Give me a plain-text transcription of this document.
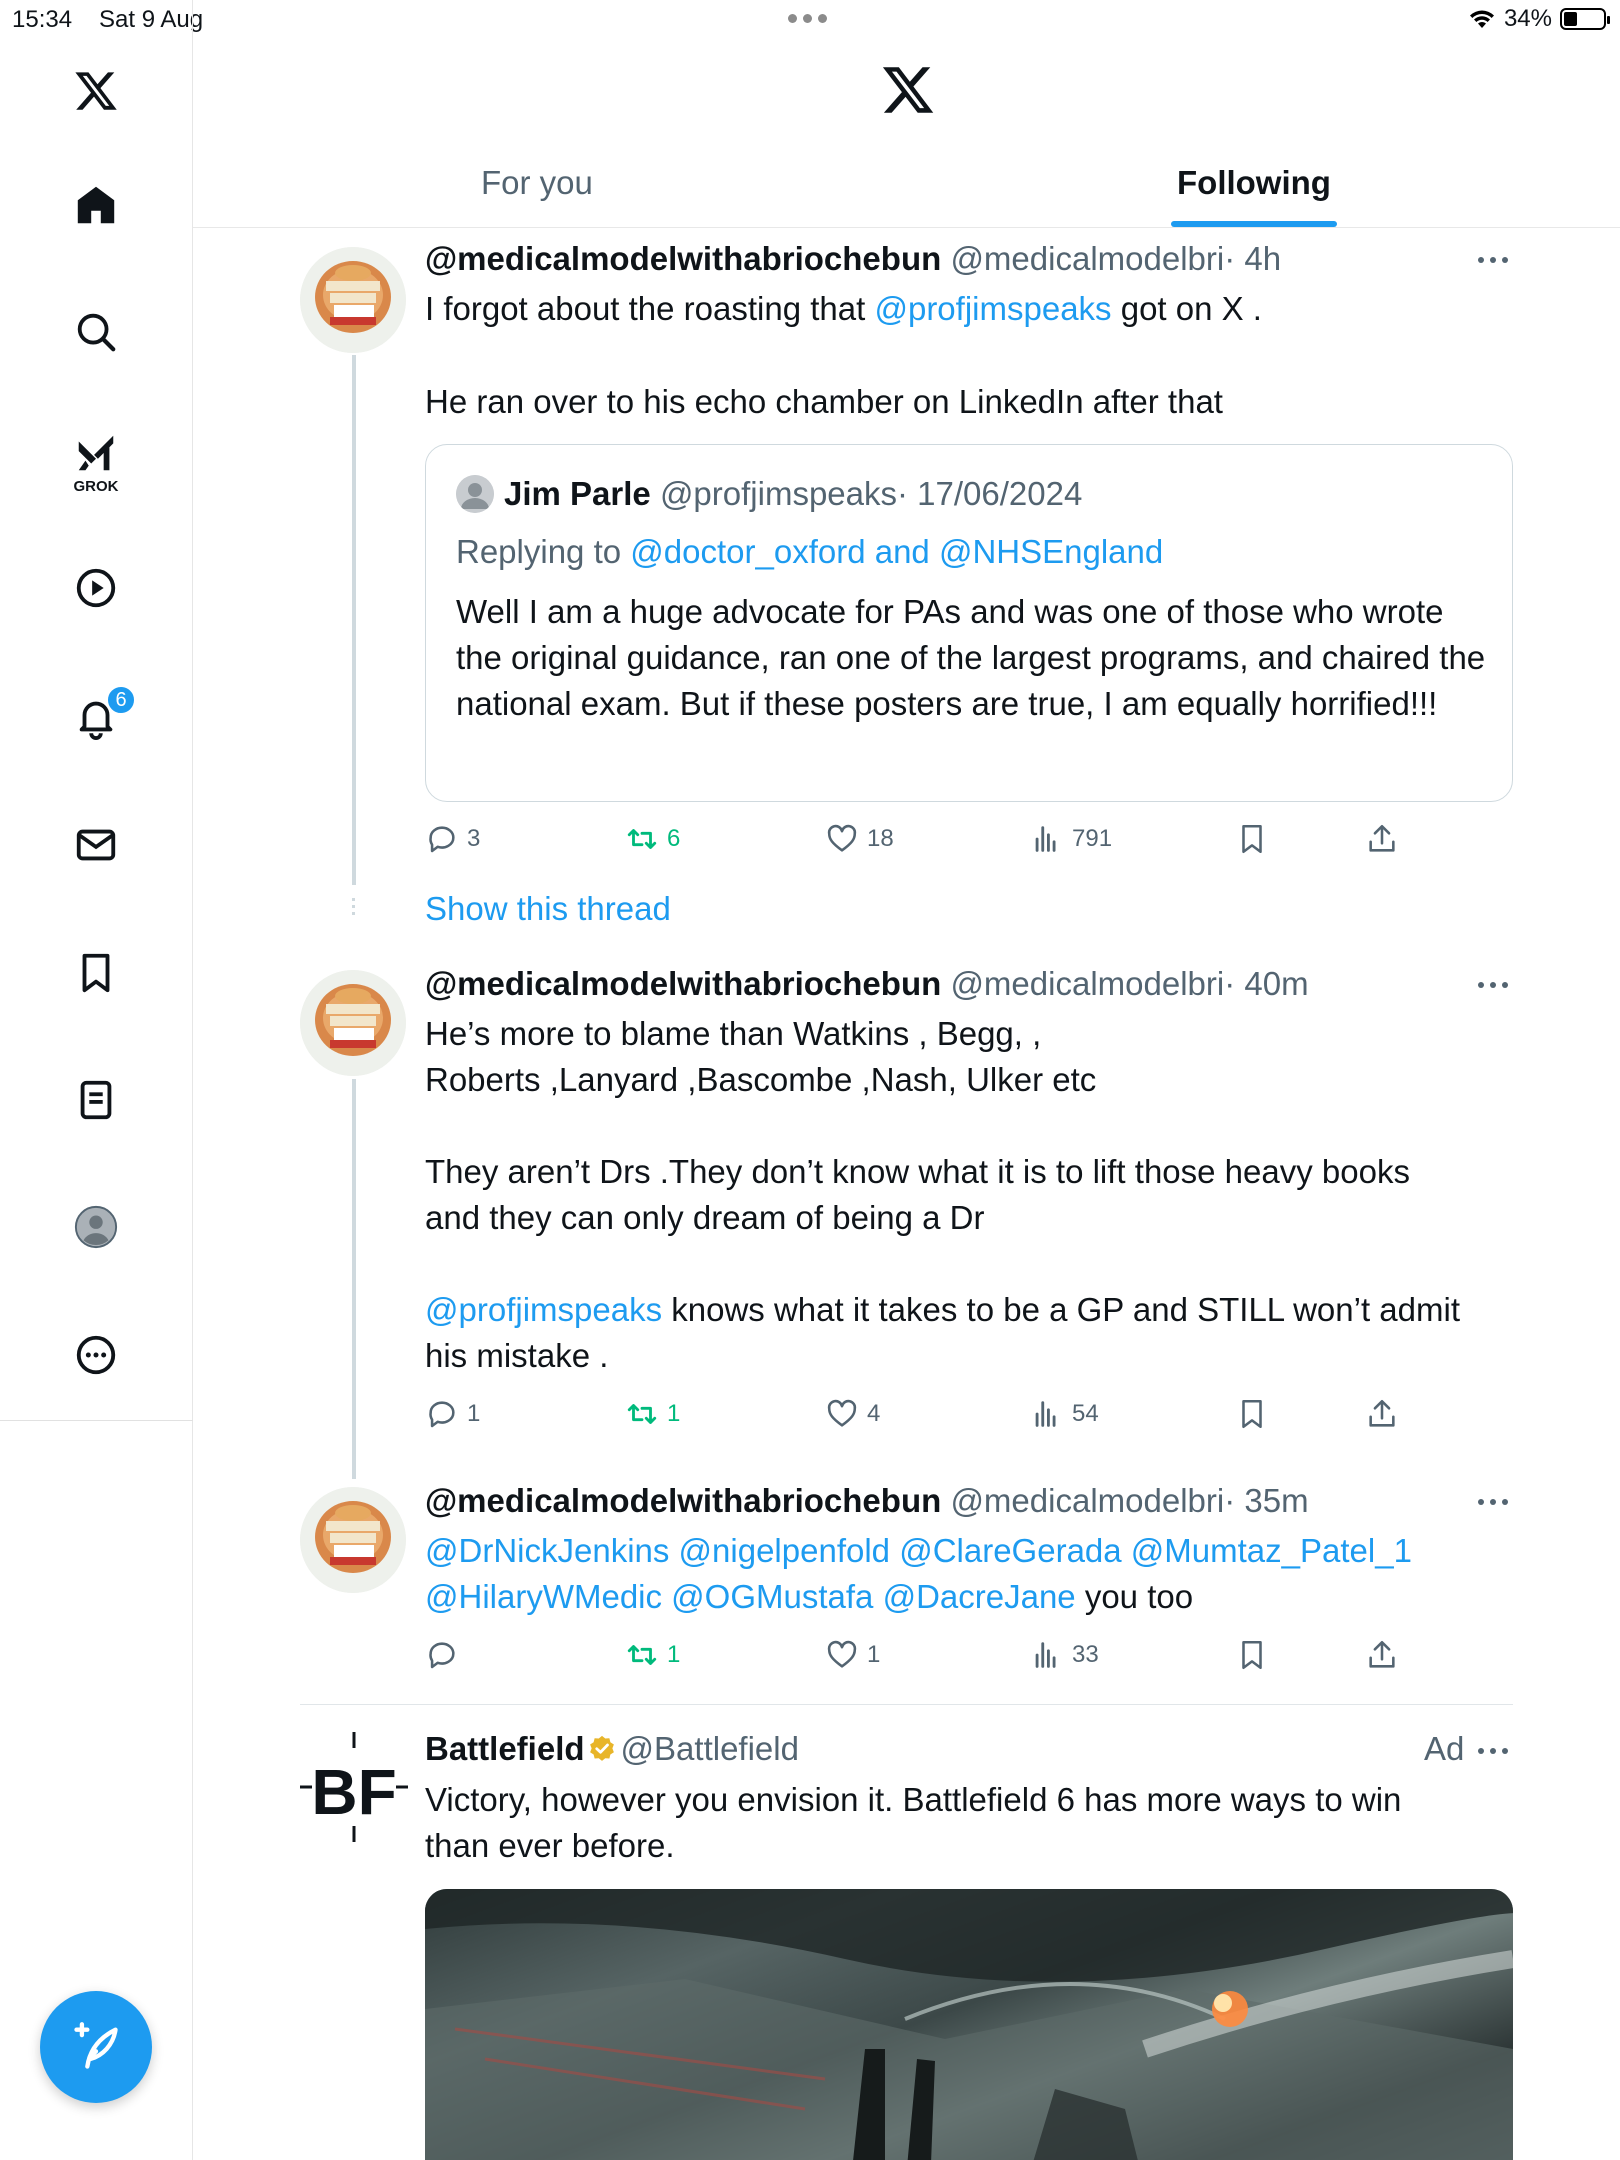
15:34 Sat 9 Aug	34%
GROK
6
For you	Following
@medicalmodelwithabriochebun @medicalmodelbri· 4h
I forgot about the roasting that @profjimspeaks got on X .
He ran over to his echo chamber on LinkedIn after that
Jim Parle @profjimspeaks· 17/06/2024
Replying to @doctor_oxford and @NHSEngland
Well I am a huge advocate for PAs and was one of those who wrote the original guidance, ran one of the largest programs, and chaired the national exam. But if these posters are true, I am equally horrified!!!
3	6	18	791
Show this thread
@medicalmodelwithabriochebun @medicalmodelbri· 40m
He’s more to blame than Watkins , Begg, ,
Roberts ,Lanyard ,Bascombe ,Nash, Ulker etc
They aren’t Drs .They don’t know what it is to lift those heavy books
and they can only dream of being a Dr
@profjimspeaks knows what it takes to be a GP and STILL won’t admit
his mistake .
1	1	4	54
@medicalmodelwithabriochebun @medicalmodelbri· 35m
@DrNickJenkins @nigelpenfold @ClareGerada @Mumtaz_Patel_1
@HilaryWMedic @OGMustafa @DacreJane you too
1	1	33
BF
Battlefield @Battlefield	Ad
Victory, however you envision it. Battlefield 6 has more ways to win
than ever before.
